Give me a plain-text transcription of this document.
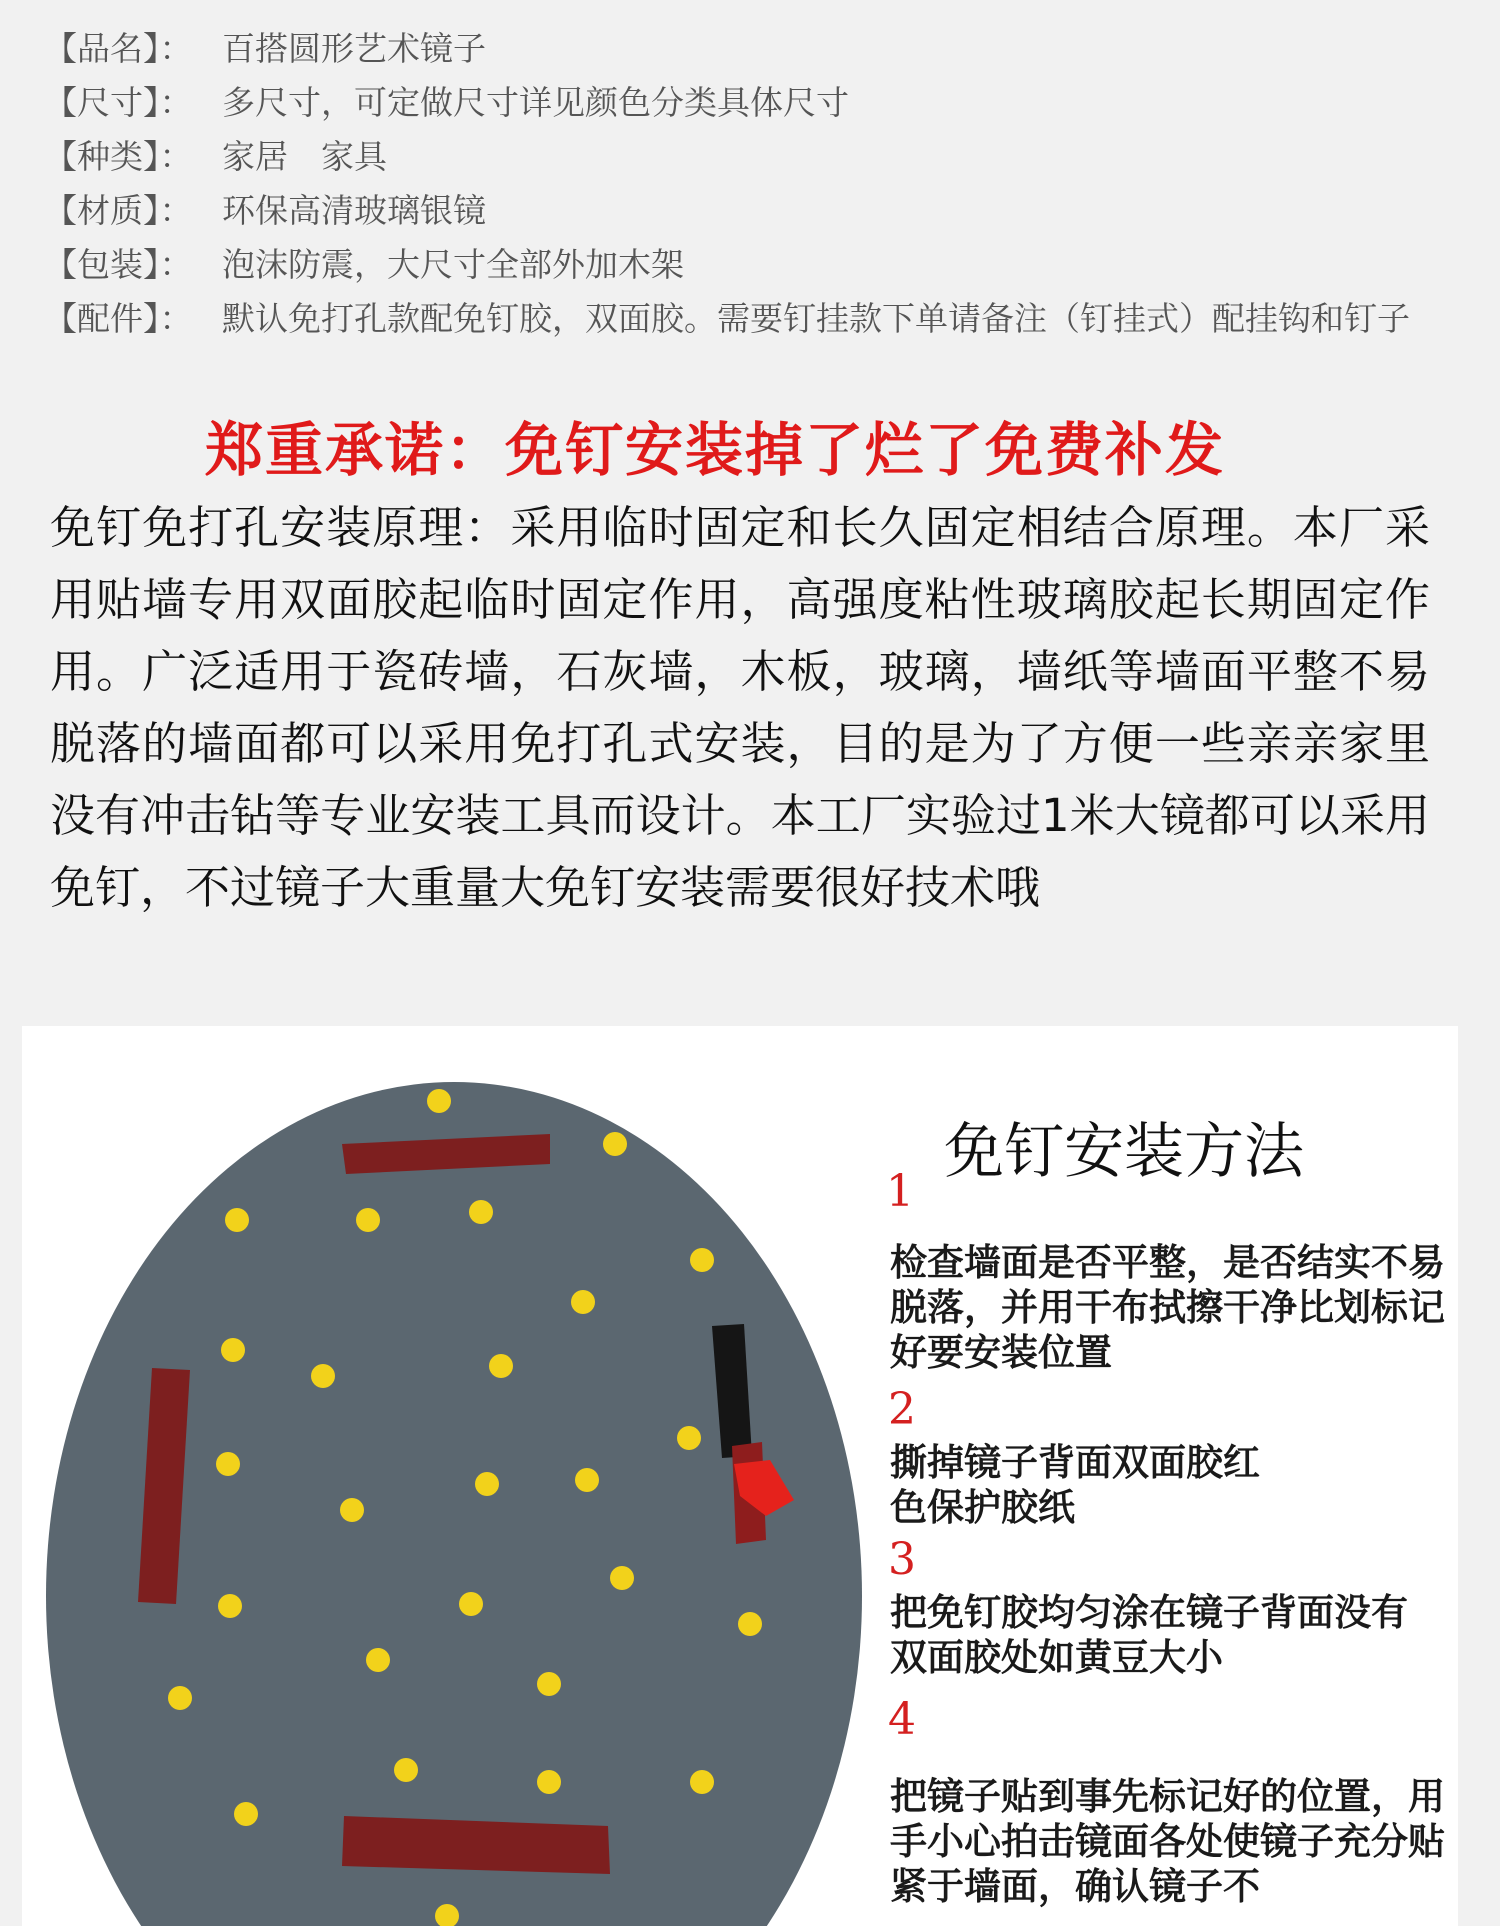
【品名】： 百搭圆形艺术镜子
【尺寸】： 多尺寸，可定做尺寸详见颜色分类具体尺寸
【种类】： 家居　家具
【材质】： 环保高清玻璃银镜
【包装】： 泡沫防震，大尺寸全部外加木架
【配件】： 默认免打孔款配免钉胶，双面胶。需要钉挂款下单请备注（钉挂式）配挂钩和钉子
郑重承诺：免钉安装掉了烂了免费补发
免钉免打孔安装原理：采用临时固定和长久固定相结合原理。本厂采用贴墙专用双面胶起临时固定作用，高强度粘性玻璃胶起长期固定作用。广泛适用于瓷砖墙，石灰墙，木板，玻璃，墙纸等墙面平整不易脱落的墙面都可以采用免打孔式安装，目的是为了方便一些亲亲家里没有冲击钻等专业安装工具而设计。本工厂实验过1米大镜都可以采用免钉，不过镜子大重量大免钉安装需要很好技术哦
免钉安装方法
1
检查墙面是否平整，是否结实不易脱落，并用干布拭擦干净比划标记好要安装位置
2
撕掉镜子背面双面胶红色保护胶纸
3
把免钉胶均匀涂在镜子背面没有双面胶处如黄豆大小
4
把镜子贴到事先标记好的位置，用手小心拍击镜面各处使镜子充分贴紧于墙面，确认镜子不
